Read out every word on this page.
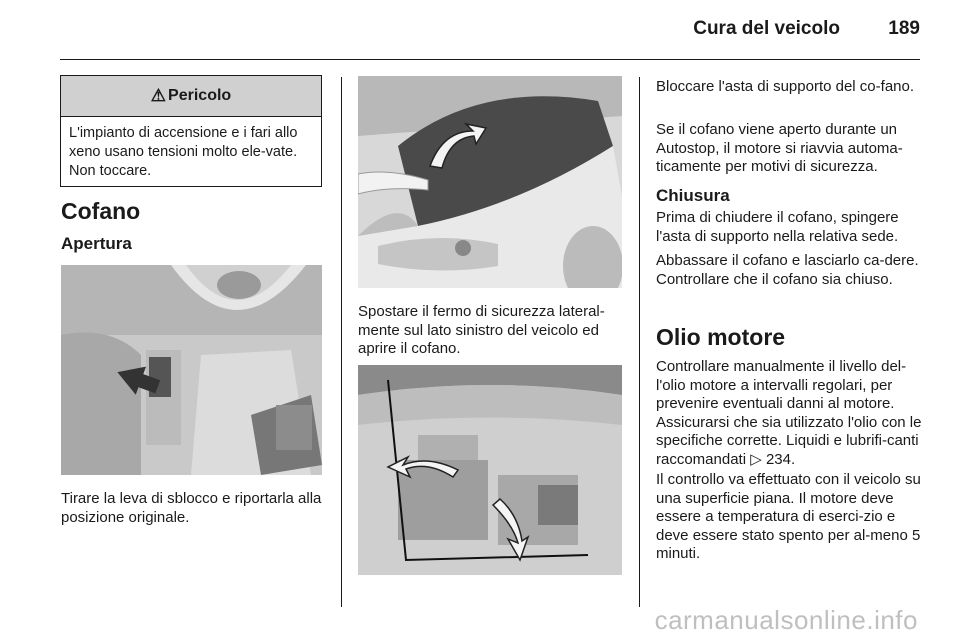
Cura del veicolo	189
⚠ Pericolo
L'impianto di accensione e i fari allo xeno usano tensioni molto ele-vate. Non toccare.
Cofano
Apertura
Tirare la leva di sblocco e riportarla alla posizione originale.
Spostare il fermo di sicurezza lateral-mente sul lato sinistro del veicolo ed aprire il cofano.
Bloccare l'asta di supporto del co-fano.
Se il cofano viene aperto durante un Autostop, il motore si riavvia automa-ticamente per motivi di sicurezza.
Chiusura
Prima di chiudere il cofano, spingere l'asta di supporto nella relativa sede.
Abbassare il cofano e lasciarlo ca-dere. Controllare che il cofano sia chiuso.
Olio motore
Controllare manualmente il livello del-l'olio motore a intervalli regolari, per prevenire eventuali danni al motore. Assicurarsi che sia utilizzato l'olio con le specifiche corrette. Liquidi e lubrifi-canti raccomandati ▷ 234.
Il controllo va effettuato con il veicolo su una superficie piana. Il motore deve essere a temperatura di eserci-zio e deve essere stato spento per al-meno 5 minuti.
carmanualsonline.info
